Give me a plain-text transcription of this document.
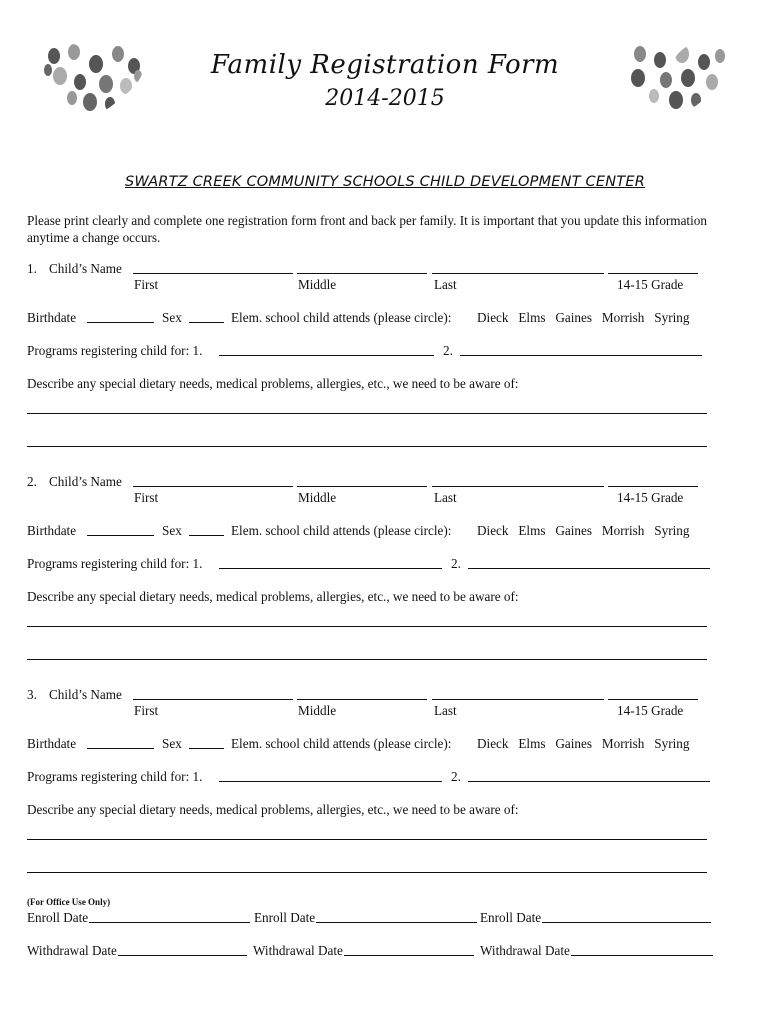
Family Registration Form
2014-2015
SWARTZ CREEK COMMUNITY SCHOOLS CHILD DEVELOPMENT CENTER
Please print clearly and complete one registration form front and back per family. It is important that you update this information anytime a change occurs.
(For Office Use Only)
1. Child’s Name
First	Middle	Last	14-15 Grade
Birthdate	Sex	Elem. school child attends (please circle): Dieck   Elms   Gaines   Morrish   Syring
Programs registering child for: 1.	2.
Describe any special dietary needs, medical problems, allergies, etc., we need to be aware of:
2. Child’s Name
First	Middle	Last	14-15 Grade
Birthdate	Sex	Elem. school child attends (please circle): Dieck   Elms   Gaines   Morrish   Syring
Programs registering child for: 1.	2.
Describe any special dietary needs, medical problems, allergies, etc., we need to be aware of:
3. Child’s Name
First	Middle	Last	14-15 Grade
Birthdate	Sex	Elem. school child attends (please circle): Dieck   Elms   Gaines   Morrish   Syring
Programs registering child for: 1.	2.
Describe any special dietary needs, medical problems, allergies, etc., we need to be aware of:
Enroll Date	Enroll Date	Enroll Date
Withdrawal Date	Withdrawal Date	Withdrawal Date
